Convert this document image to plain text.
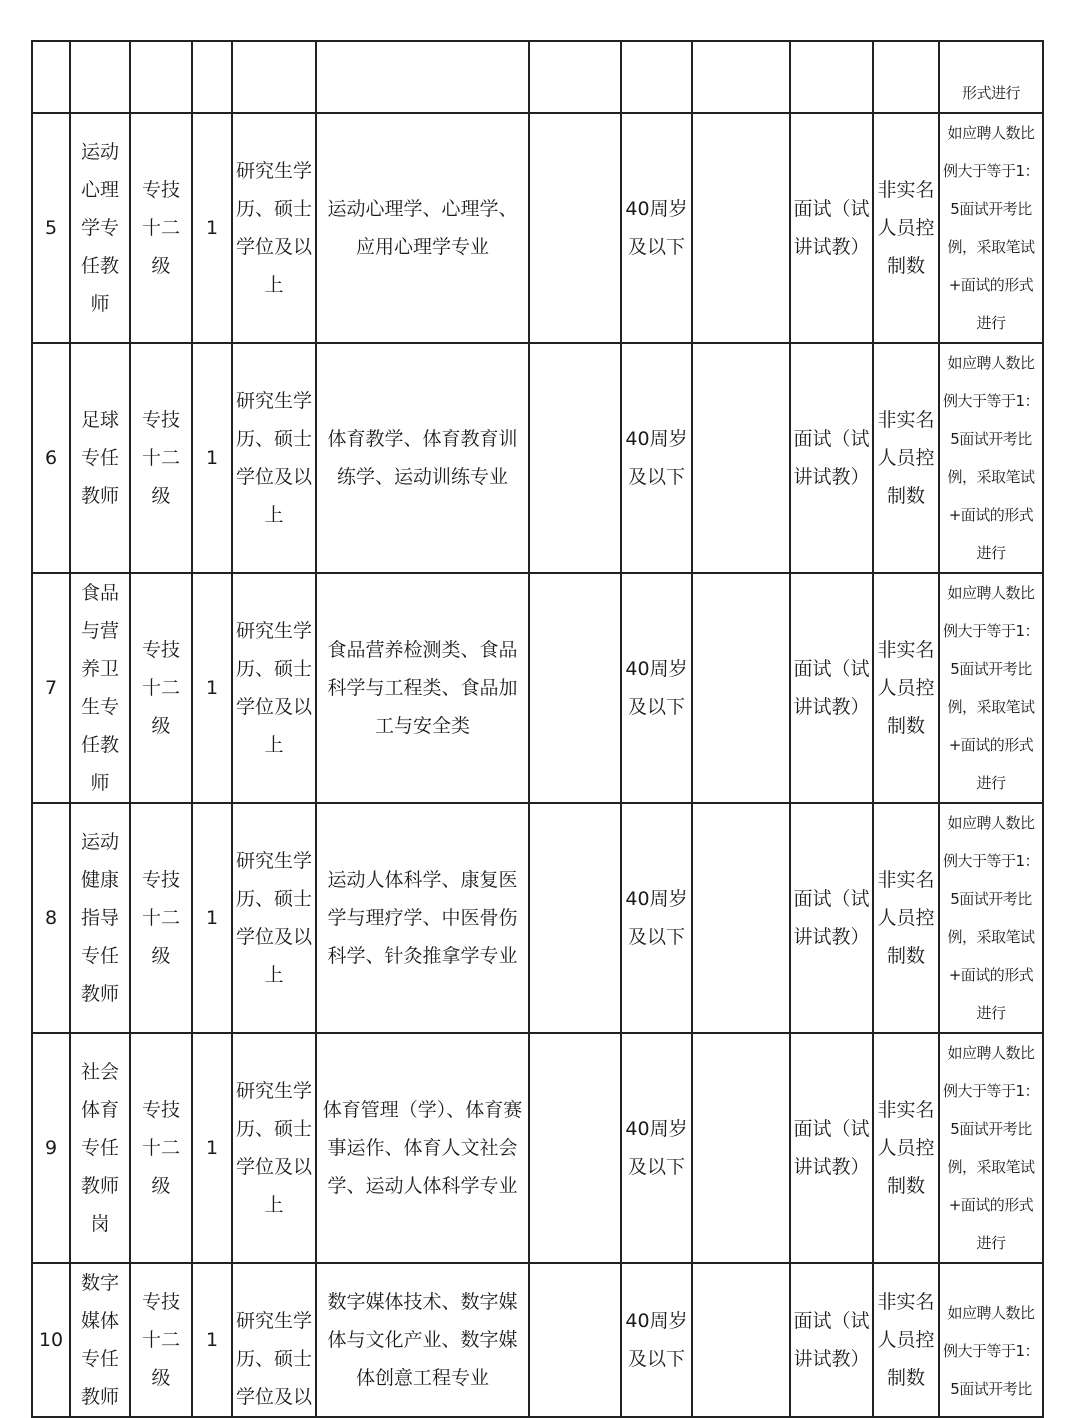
											形式进行
5	运动心理学专任教师	专技十二级	1	研究生学历、硕士学位及以上	运动心理学、心理学、应用心理学专业		40周岁及以下		面试（试讲试教）	非实名人员控制数	如应聘人数比例大于等于1：5面试开考比例，采取笔试+面试的形式进行
6	足球专任教师	专技十二级	1	研究生学历、硕士学位及以上	体育教学、体育教育训练学、运动训练专业		40周岁及以下		面试（试讲试教）	非实名人员控制数	如应聘人数比例大于等于1：5面试开考比例，采取笔试+面试的形式进行
7	食品与营养卫生专任教师	专技十二级	1	研究生学历、硕士学位及以上	食品营养检测类、食品科学与工程类、食品加工与安全类		40周岁及以下		面试（试讲试教）	非实名人员控制数	如应聘人数比例大于等于1：5面试开考比例，采取笔试+面试的形式进行
8	运动健康指导专任教师	专技十二级	1	研究生学历、硕士学位及以上	运动人体科学、康复医学与理疗学、中医骨伤科学、针灸推拿学专业		40周岁及以下		面试（试讲试教）	非实名人员控制数	如应聘人数比例大于等于1：5面试开考比例，采取笔试+面试的形式进行
9	社会体育专任教师岗	专技十二级	1	研究生学历、硕士学位及以上	体育管理（学）、体育赛事运作、体育人文社会学、运动人体科学专业		40周岁及以下		面试（试讲试教）	非实名人员控制数	如应聘人数比例大于等于1：5面试开考比例，采取笔试+面试的形式进行
10	数字媒体专任教师	专技十二级	1	研究生学历、硕士学位及以	数字媒体技术、数字媒体与文化产业、数字媒体创意工程专业		40周岁及以下		面试（试讲试教）	非实名人员控制数	如应聘人数比例大于等于1：5面试开考比
